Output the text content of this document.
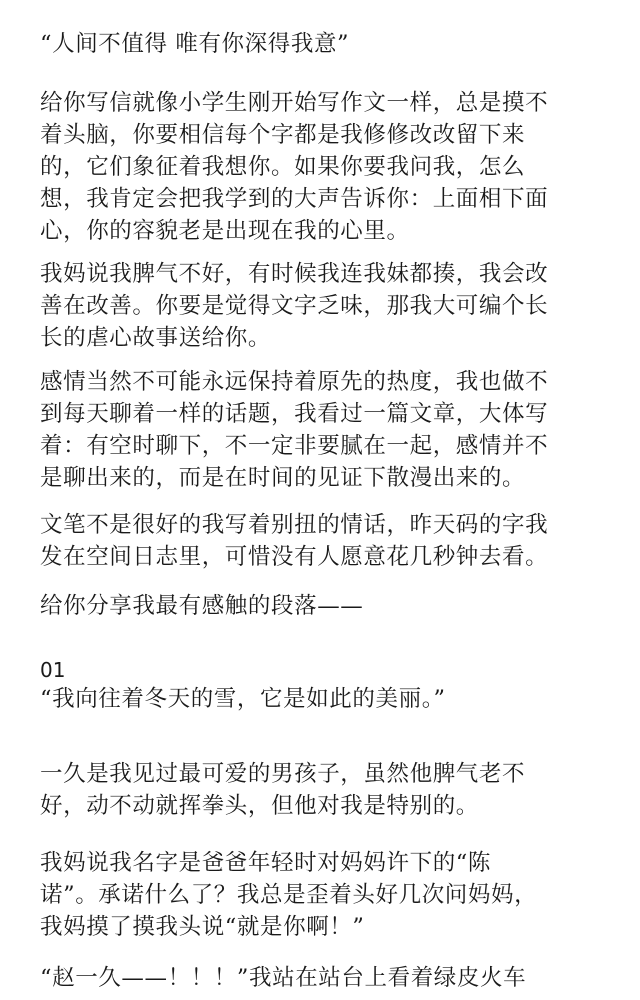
“人间不值得 唯有你深得我意”
给你写信就像小学生刚开始写作文一样，总是摸不
着头脑，你要相信每个字都是我修修改改留下来
的，它们象征着我想你。如果你要我问我，怎么
想，我肯定会把我学到的大声告诉你：上面相下面
心，你的容貌老是出现在我的心里。
我妈说我脾气不好，有时候我连我妹都揍，我会改
善在改善。你要是觉得文字乏味，那我大可编个长
长的虐心故事送给你。
感情当然不可能永远保持着原先的热度，我也做不
到每天聊着一样的话题，我看过一篇文章，大体写
着：有空时聊下，不一定非要腻在一起，感情并不
是聊出来的，而是在时间的见证下散漫出来的。
文笔不是很好的我写着别扭的情话，昨天码的字我
发在空间日志里，可惜没有人愿意花几秒钟去看。
给你分享我最有感触的段落——
01
“我向往着冬天的雪，它是如此的美丽。”
一久是我见过最可爱的男孩子，虽然他脾气老不
好，动不动就挥拳头，但他对我是特别的。
我妈说我名字是爸爸年轻时对妈妈许下的“陈
诺”。承诺什么了？我总是歪着头好几次问妈妈，
我妈摸了摸我头说“就是你啊！”
“赵一久——！！！”我站在站台上看着绿皮火车
